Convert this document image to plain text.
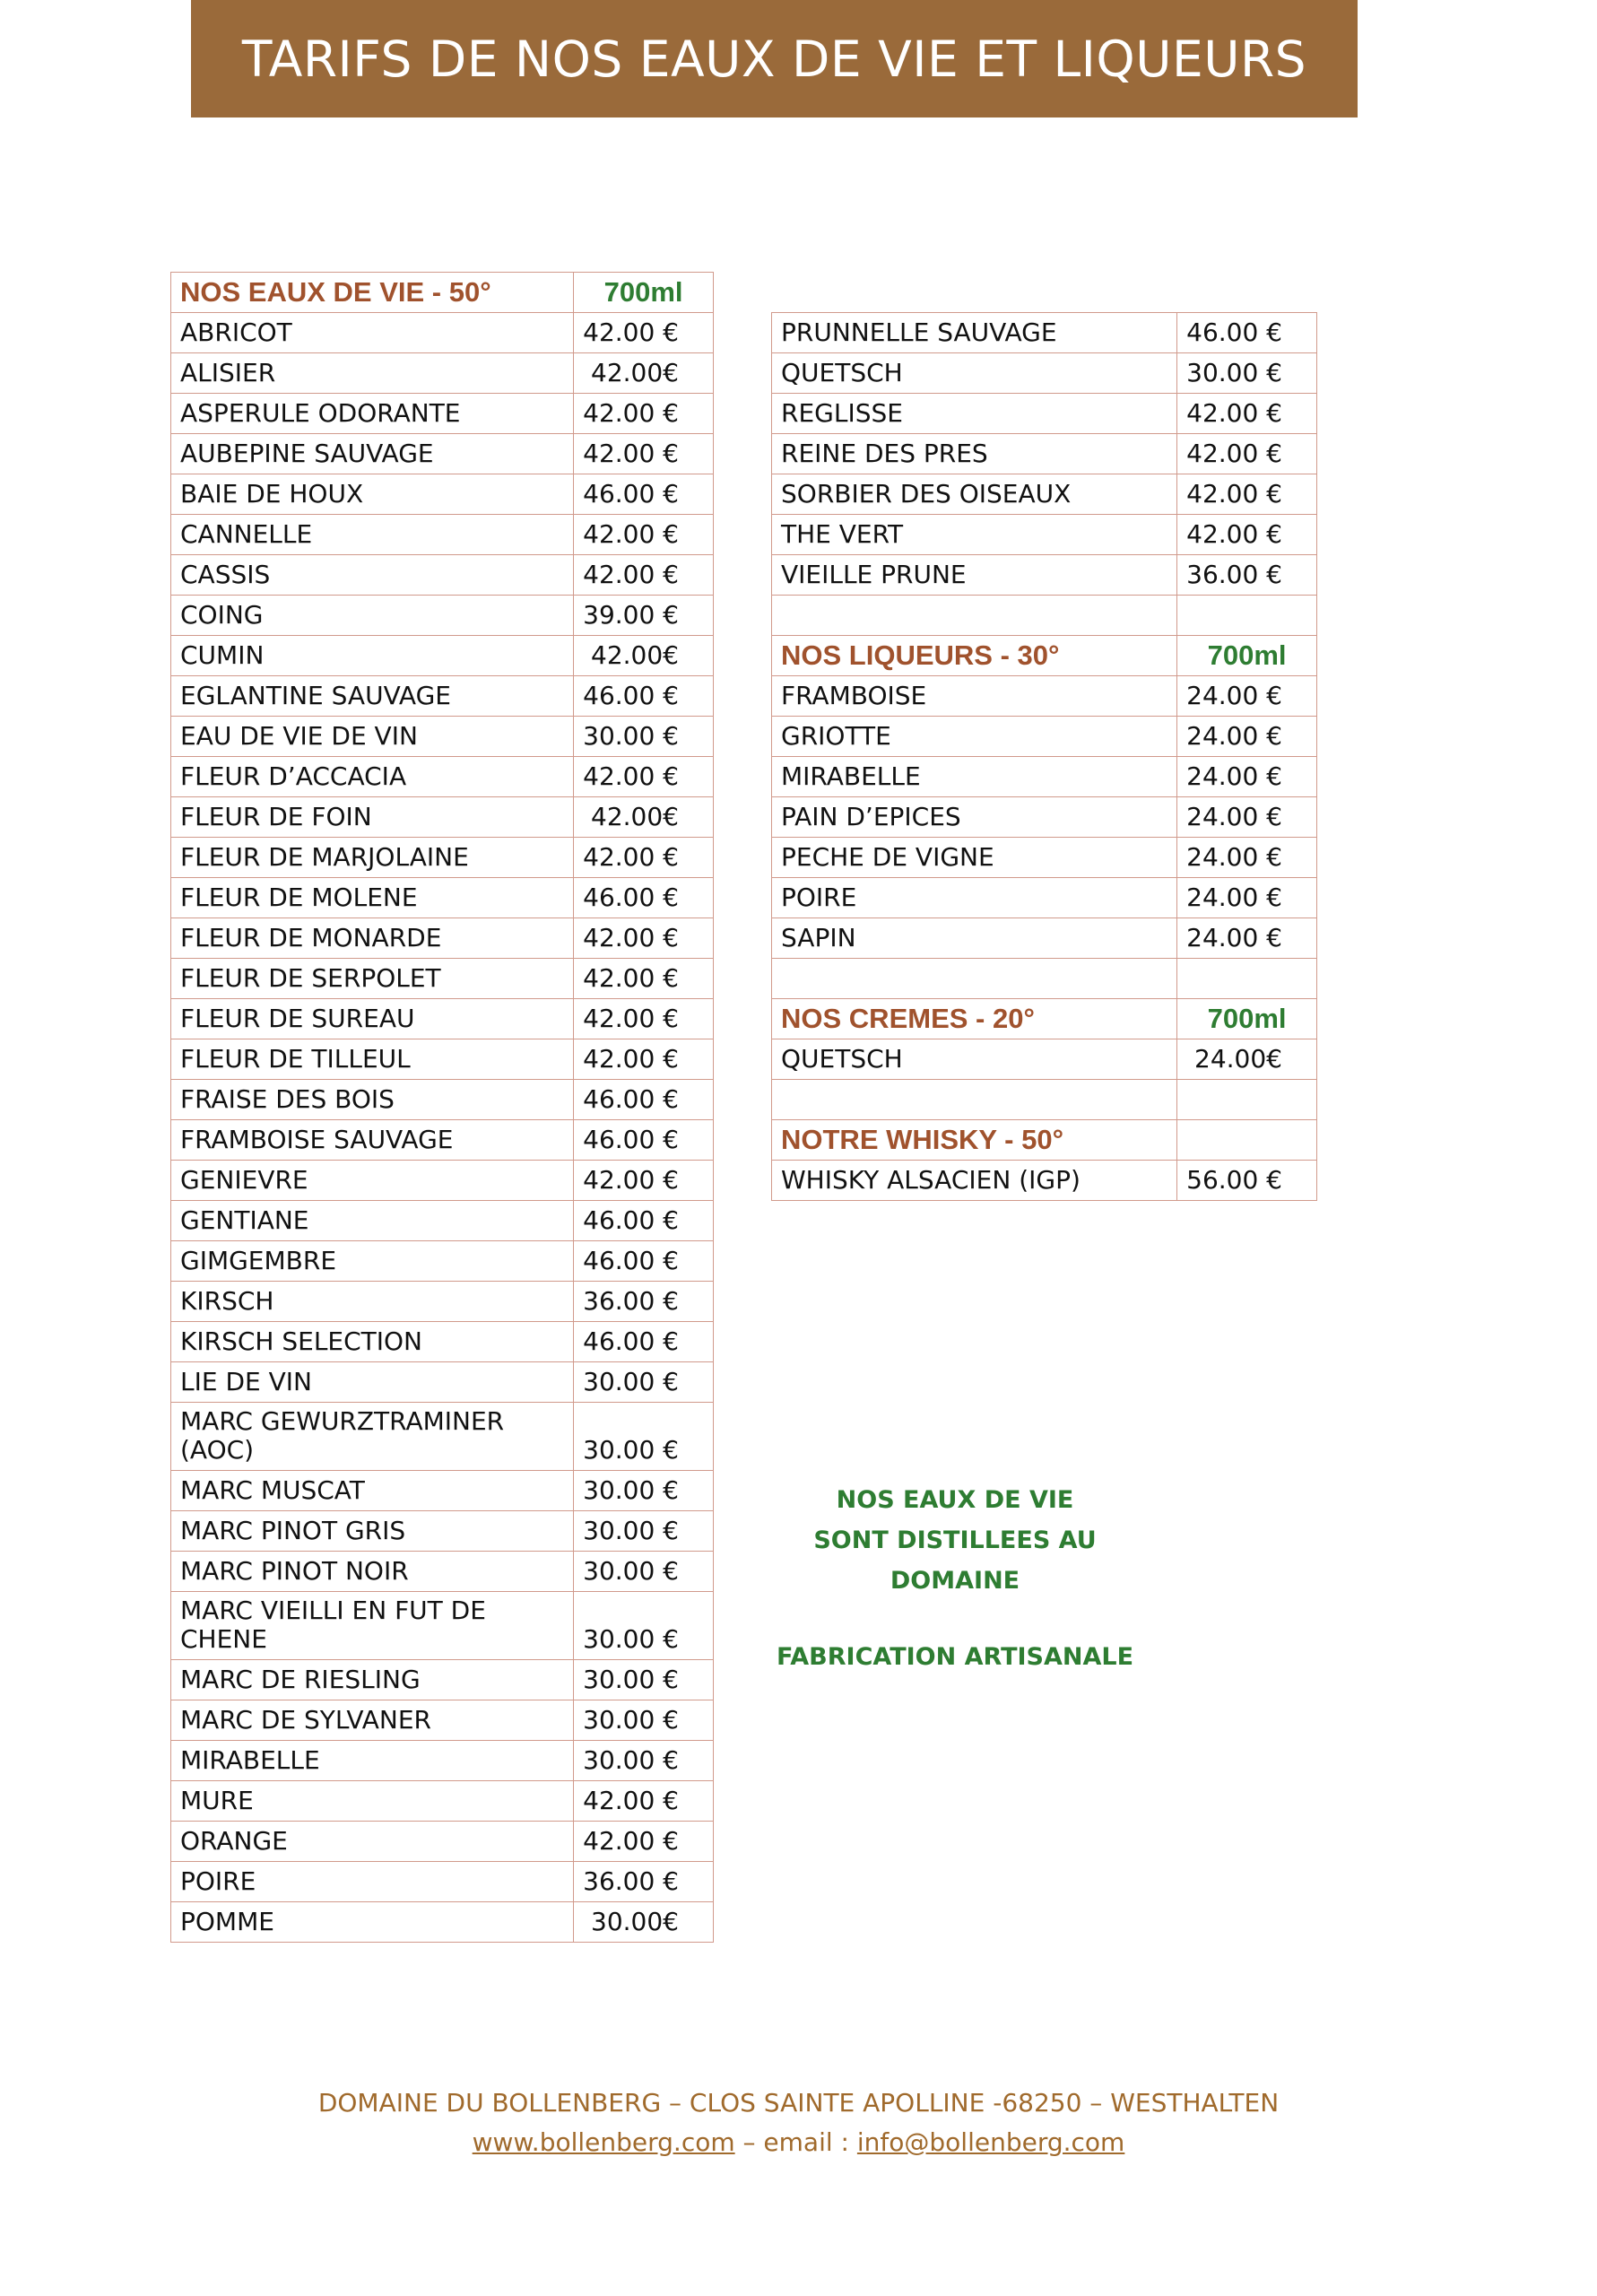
TARIFS DE NOS EAUX DE VIE ET LIQUEURS
NOS EAUX DE VIE - 50°	700ml
ABRICOT	42.00 €
ALISIER	42.00€
ASPERULE ODORANTE	42.00 €
AUBEPINE SAUVAGE	42.00 €
BAIE DE HOUX	46.00 €
CANNELLE	42.00 €
CASSIS	42.00 €
COING	39.00 €
CUMIN	42.00€
EGLANTINE SAUVAGE	46.00 €
EAU DE VIE DE VIN	30.00 €
FLEUR D’ACCACIA	42.00 €
FLEUR DE FOIN	42.00€
FLEUR DE MARJOLAINE	42.00 €
FLEUR DE MOLENE	46.00 €
FLEUR DE MONARDE	42.00 €
FLEUR DE SERPOLET	42.00 €
FLEUR DE SUREAU	42.00 €
FLEUR DE TILLEUL	42.00 €
FRAISE DES BOIS	46.00 €
FRAMBOISE SAUVAGE	46.00 €
GENIEVRE	42.00 €
GENTIANE	46.00 €
GIMGEMBRE	46.00 €
KIRSCH	36.00 €
KIRSCH SELECTION	46.00 €
LIE DE VIN	30.00 €
MARC GEWURZTRAMINER (AOC)	30.00 €
MARC MUSCAT	30.00 €
MARC PINOT GRIS	30.00 €
MARC PINOT NOIR	30.00 €
MARC VIEILLI EN FUT DE CHENE	30.00 €
MARC DE RIESLING	30.00 €
MARC DE SYLVANER	30.00 €
MIRABELLE	30.00 €
MURE	42.00 €
ORANGE	42.00 €
POIRE	36.00 €
POMME	30.00€
PRUNNELLE SAUVAGE	46.00 €
QUETSCH	30.00 €
REGLISSE	42.00 €
REINE DES PRES	42.00 €
SORBIER DES OISEAUX	42.00 €
THE VERT	42.00 €
VIEILLE PRUNE	36.00 €

NOS LIQUEURS - 30°	700ml
FRAMBOISE	24.00 €
GRIOTTE	24.00 €
MIRABELLE	24.00 €
PAIN D’EPICES	24.00 €
PECHE DE VIGNE	24.00 €
POIRE	24.00 €
SAPIN	24.00 €

NOS CREMES - 20°	700ml
QUETSCH	24.00€

NOTRE WHISKY - 50°	
WHISKY ALSACIEN (IGP)	56.00 €
NOS EAUX DE VIE
SONT DISTILLEES AU
DOMAINE
FABRICATION ARTISANALE
DOMAINE DU BOLLENBERG – CLOS SAINTE APOLLINE -68250 – WESTHALTEN
www.bollenberg.com – email : info@bollenberg.com
